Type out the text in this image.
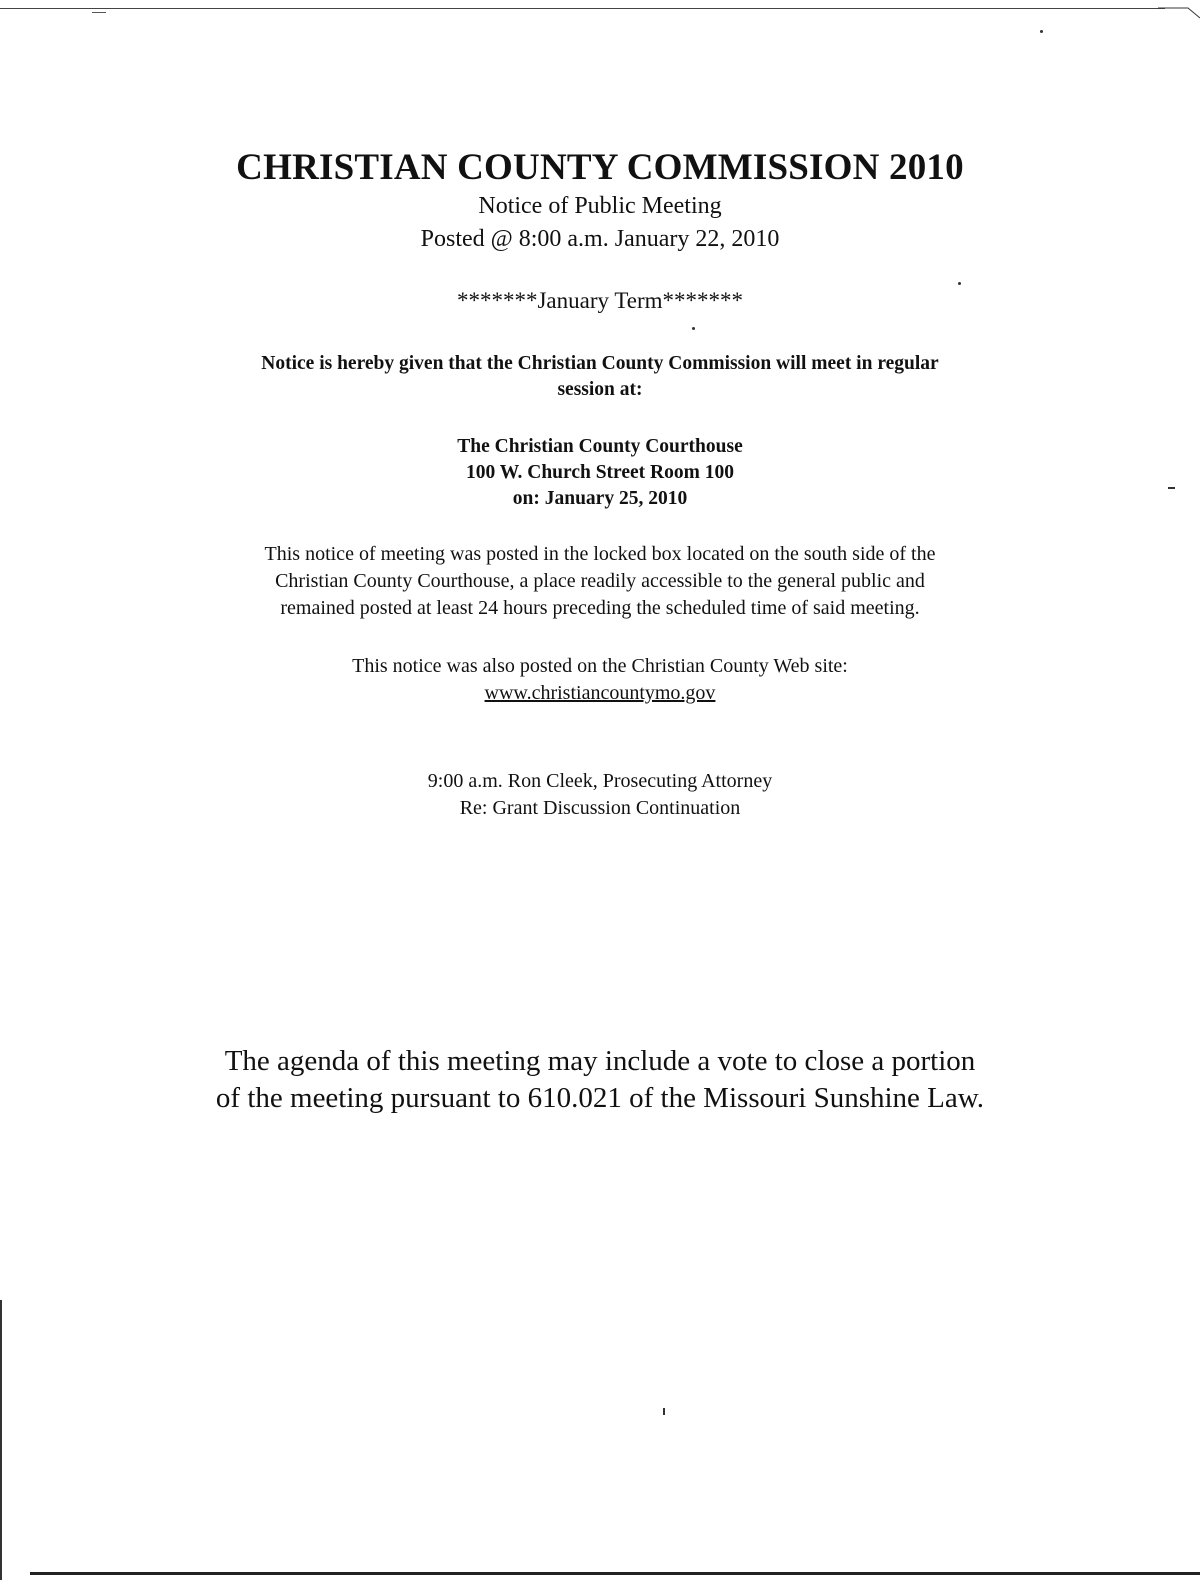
CHRISTIAN COUNTY COMMISSION 2010
Notice of Public Meeting
Posted @ 8:00 a.m. January 22, 2010
*******January Term*******
Notice is hereby given that the Christian County Commission will meet in regular
session at:
The Christian County Courthouse
100 W. Church Street Room 100
on: January 25, 2010
This notice of meeting was posted in the locked box located on the south side of the
Christian County Courthouse, a place readily accessible to the general public and
remained posted at least 24 hours preceding the scheduled time of said meeting.
This notice was also posted on the Christian County Web site:
www.christiancountymo.gov
9:00 a.m. Ron Cleek, Prosecuting Attorney
Re: Grant Discussion Continuation
The agenda of this meeting may include a vote to close a portion
of the meeting pursuant to 610.021 of the Missouri Sunshine Law.
